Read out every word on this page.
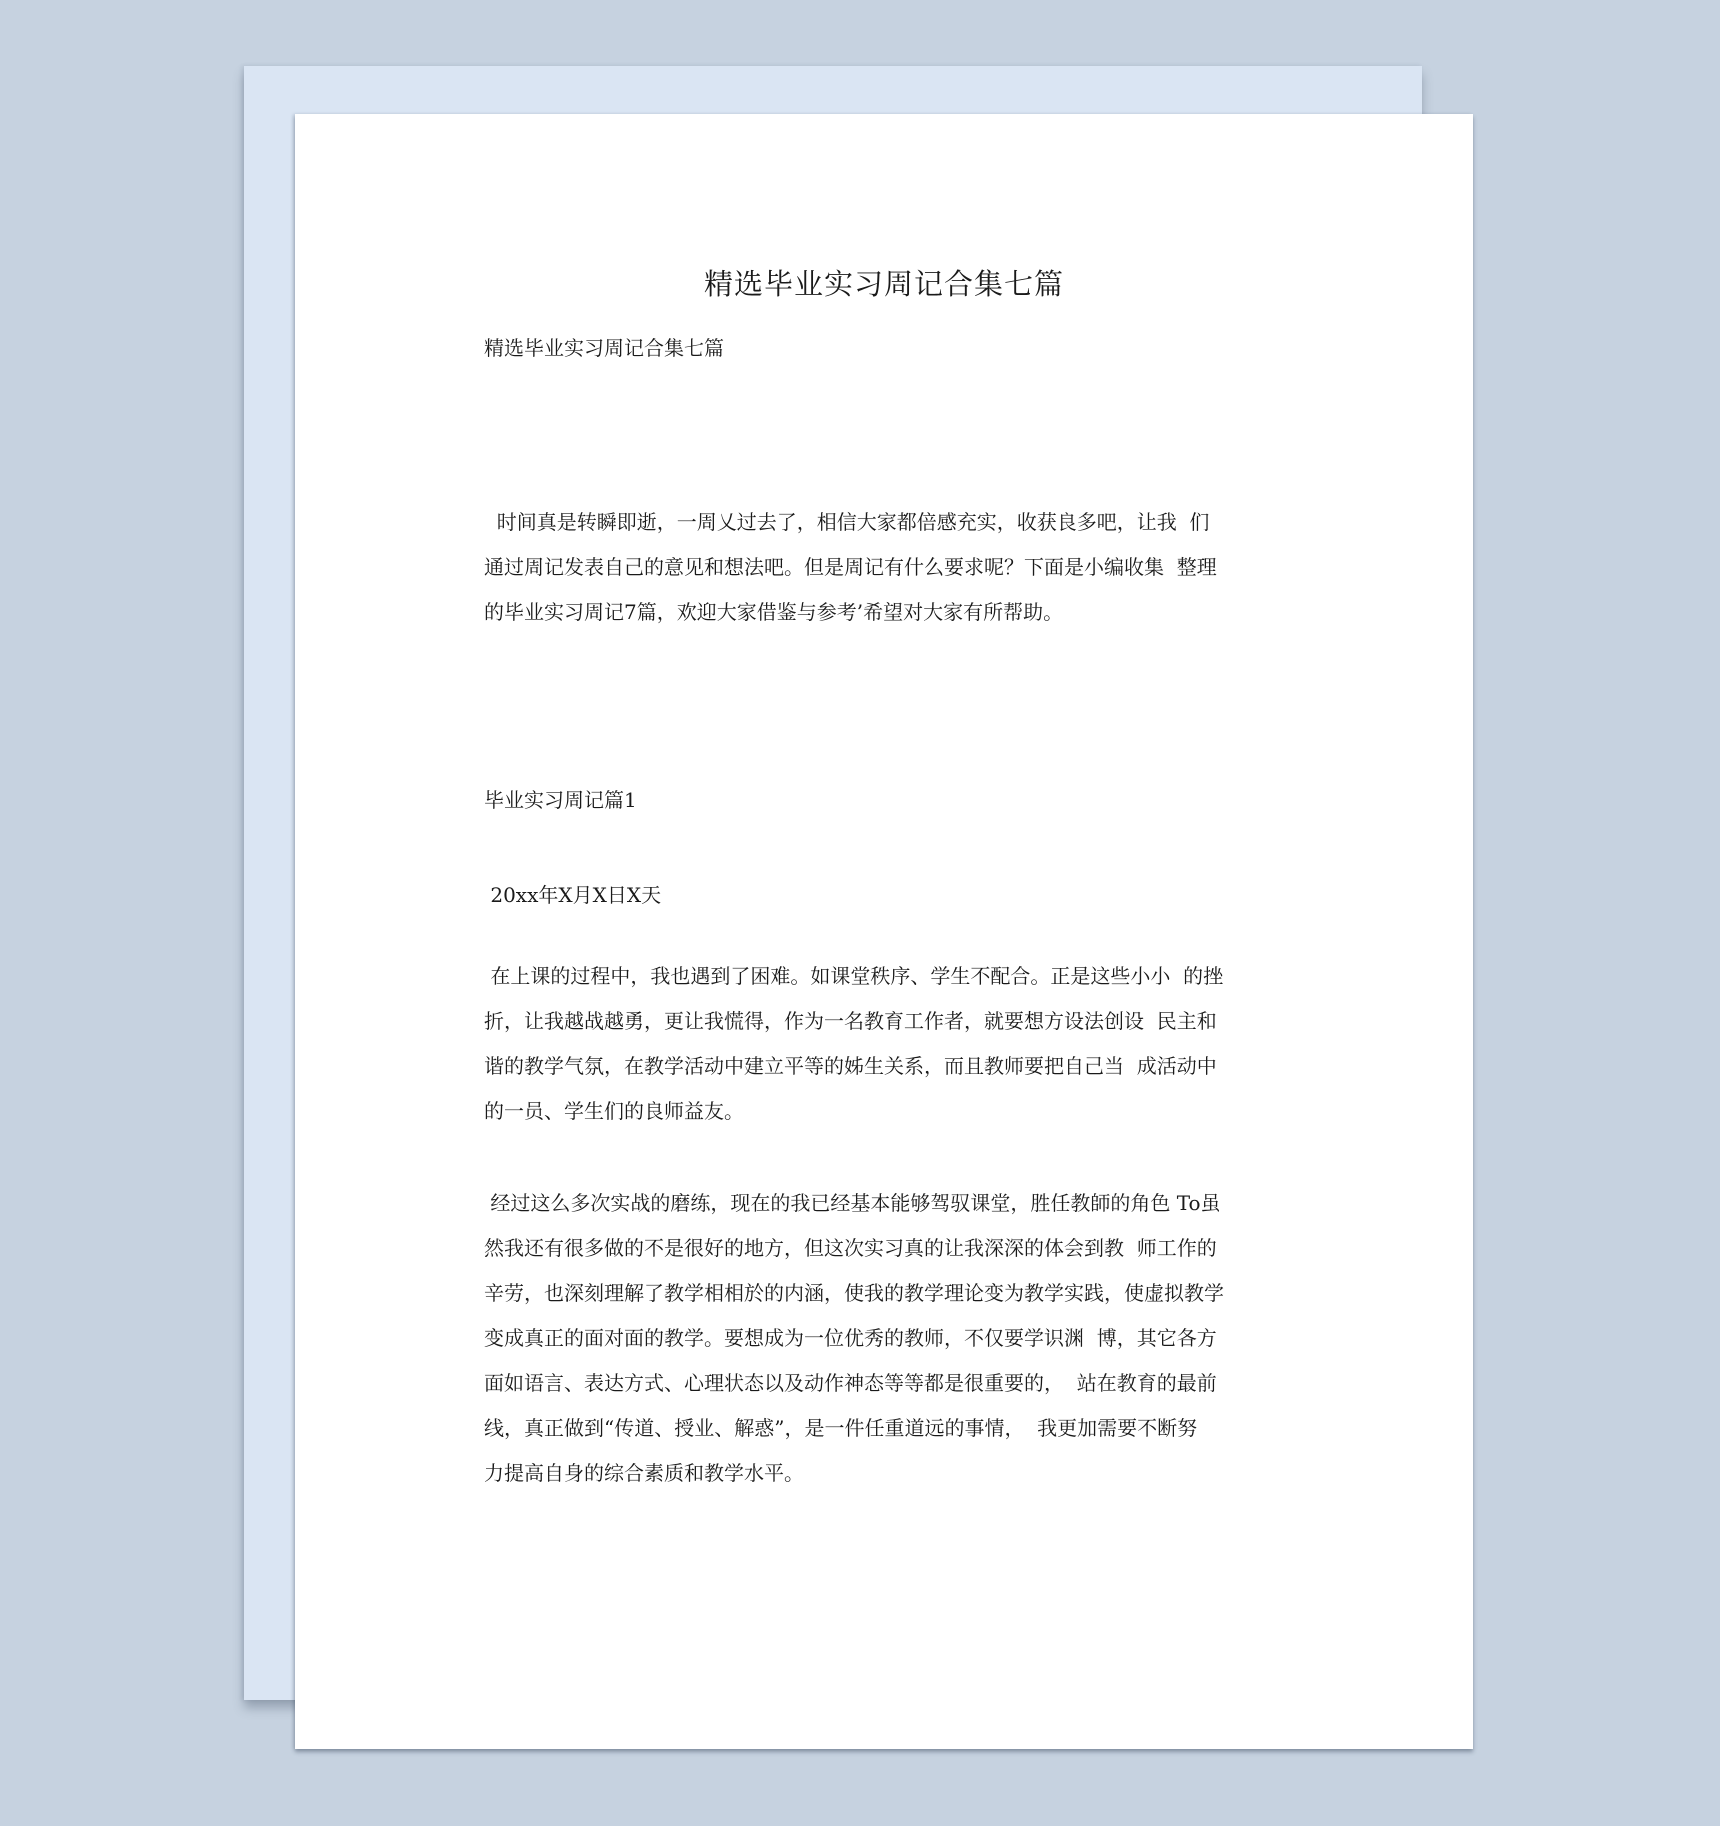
精选毕业实习周记合集七篇
精选毕业实习周记合集七篇
时间真是转瞬即逝，一周乂过去了，相信大家都倍感充实，收获良多吧，让我  们
通过周记发表自己的意见和想法吧。但是周记有什么要求呢？下面是小编收集  整理
的毕业实习周记7篇，欢迎大家借鉴与参考’希望对大家有所帮助。
毕业实习周记篇1
20xx年X月X日X天
在上课的过程中，我也遇到了困难。如课堂秩序、学生不配合。正是这些小小  的挫
折，让我越战越勇，更让我慌得，作为一名教育工作者，就要想方设法创设  民主和
谐的教学气氛，在教学活动中建立平等的姊生关系，而且教师要把自己当  成活动中
的一员、学生们的良师益友。
经过这么多次实战的磨练，现在的我已经基本能够驾驭课堂，胜任教師的角色 To虽
然我还有很多做的不是很好的地方，但这次实习真的让我深深的体会到教  师工作的
辛劳，也深刻理解了教学相相於的内涵，使我的教学理论变为教学实践，使虚拟教学
变成真正的面对面的教学。要想成为一位优秀的教师，不仅要学识渊  博，其它各方
面如语言、表达方式、心理状态以及动作神态等等都是很重要的，  站在教育的最前
线，真正做到“传道、授业、解惑”，是一件任重道远的事情，  我更加需要不断努
力提高自身的综合素质和教学水平。
